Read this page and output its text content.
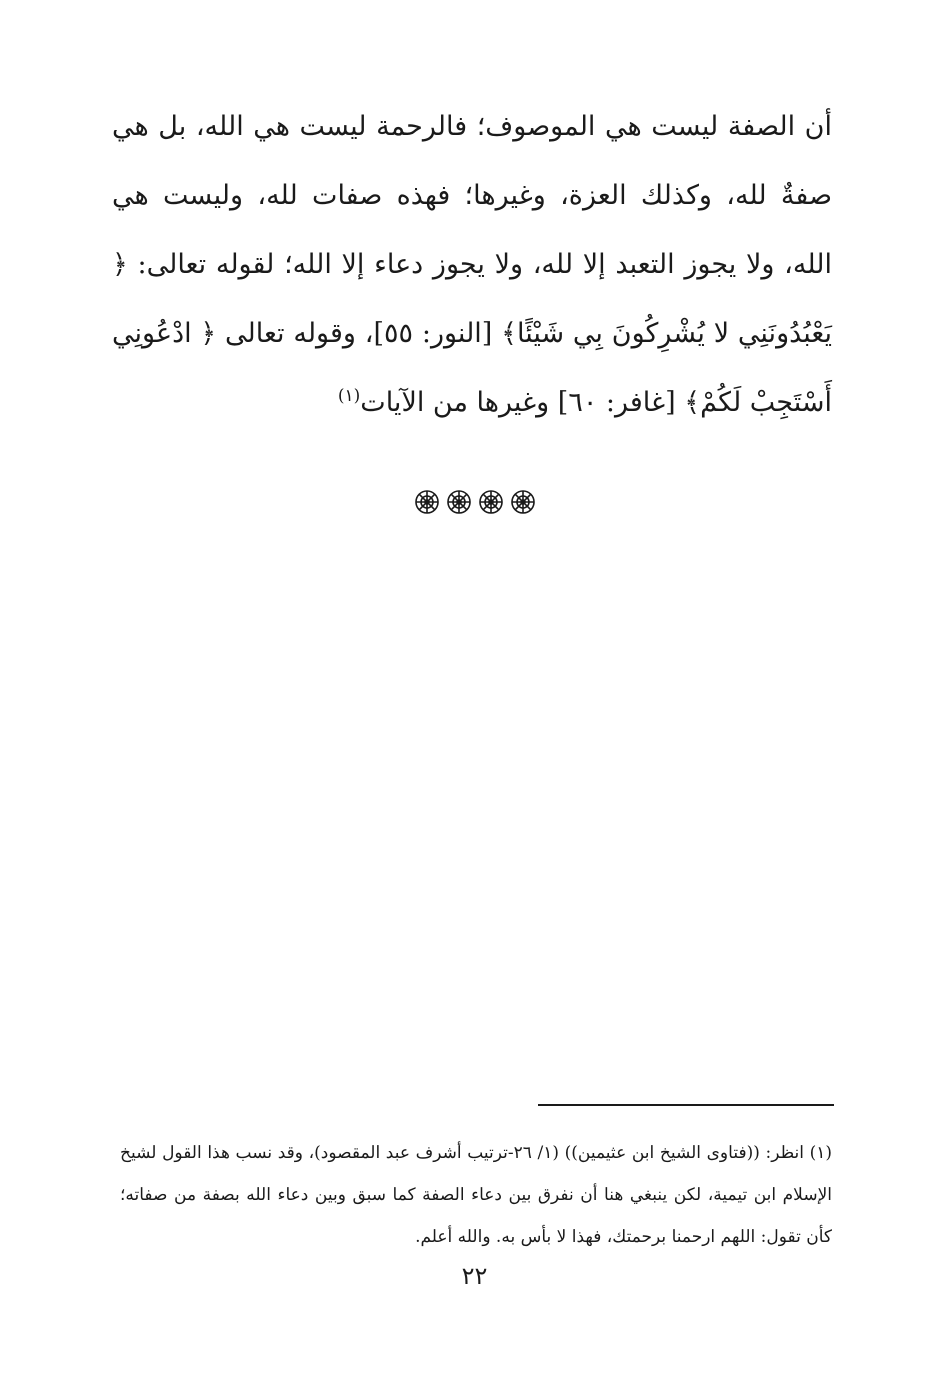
أن الصفة ليست هي الموصوف؛ فالرحمة ليست هي الله، بل هي صفةٌ لله، وكذلك العزة، وغيرها؛ فهذه صفات لله، وليست هي الله، ولا يجوز التعبد إلا لله، ولا يجوز دعاء إلا الله؛ لقوله تعالى: ﴿ يَعْبُدُونَنِي لا يُشْرِكُونَ بِي شَيْئًا﴾ [النور: ٥٥]، وقوله تعالى ﴿ ادْعُونِي أَسْتَجِبْ لَكُمْ﴾ [غافر: ٦٠] وغيرها من الآيات$^{(١)}$

(١) انظر: ((فتاوى الشيخ ابن عثيمين)) (١/ ٢٦-ترتيب أشرف عبد المقصود)، وقد نسب هذا القول لشيخ الإسلام ابن تيمية، لكن ينبغي هنا أن نفرق بين دعاء الصفة كما سبق وبين دعاء الله بصفة من صفاته؛ كأن تقول: اللهم ارحمنا برحمتك، فهذا لا بأس به. والله أعلم.

٢٢
